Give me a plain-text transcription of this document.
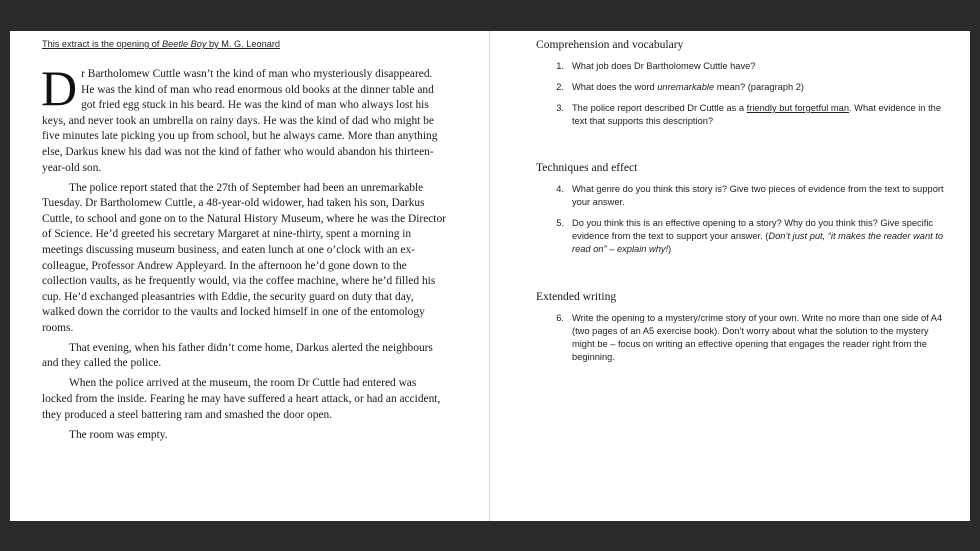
This extract is the opening of Beetle Boy by M. G. Leonard

Dr Bartholomew Cuttle wasn’t the kind of man who mysteriously disappeared. He was the kind of man who read enormous old books at the dinner table and got fried egg stuck in his beard. He was the kind of man who always lost his keys, and never took an umbrella on rainy days. He was the kind of dad who might be five minutes late picking you up from school, but he always came. More than anything else, Darkus knew his dad was not the kind of father who would abandon his thirteen-year-old son.

The police report stated that the 27th of September had been an unremarkable Tuesday. Dr Bartholomew Cuttle, a 48-year-old widower, had taken his son, Darkus Cuttle, to school and gone on to the Natural History Museum, where he was the Director of Science. He’d greeted his secretary Margaret at nine-thirty, spent a morning in meetings discussing museum business, and eaten lunch at one o’clock with an ex-colleague, Professor Andrew Appleyard. In the afternoon he’d gone down to the collection vaults, as he frequently would, via the coffee machine, where he’d filled his cup. He’d exchanged pleasantries with Eddie, the security guard on duty that day, walked down the corridor to the vaults and locked himself in one of the entomology rooms.

That evening, when his father didn’t come home, Darkus alerted the neighbours and they called the police.

When the police arrived at the museum, the room Dr Cuttle had entered was locked from the inside. Fearing he may have suffered a heart attack, or had an accident, they produced a steel battering ram and smashed the door open.

The room was empty.

Comprehension and vocabulary
1. What job does Dr Bartholomew Cuttle have?
2. What does the word unremarkable mean? (paragraph 2)
3. The police report described Dr Cuttle as a friendly but forgetful man. What evidence in the text that supports this description?
Techniques and effect
4. What genre do you think this story is? Give two pieces of evidence from the text to support your answer.
5. Do you think this is an effective opening to a story? Why do you think this? Give specific evidence from the text to support your answer. (Don’t just put, “it makes the reader want to read on” – explain why!)
Extended writing
6. Write the opening to a mystery/crime story of your own. Write no more than one side of A4 (two pages of an A5 exercise book). Don’t worry about what the solution to the mystery might be – focus on writing an effective opening that engages the reader right from the beginning.
